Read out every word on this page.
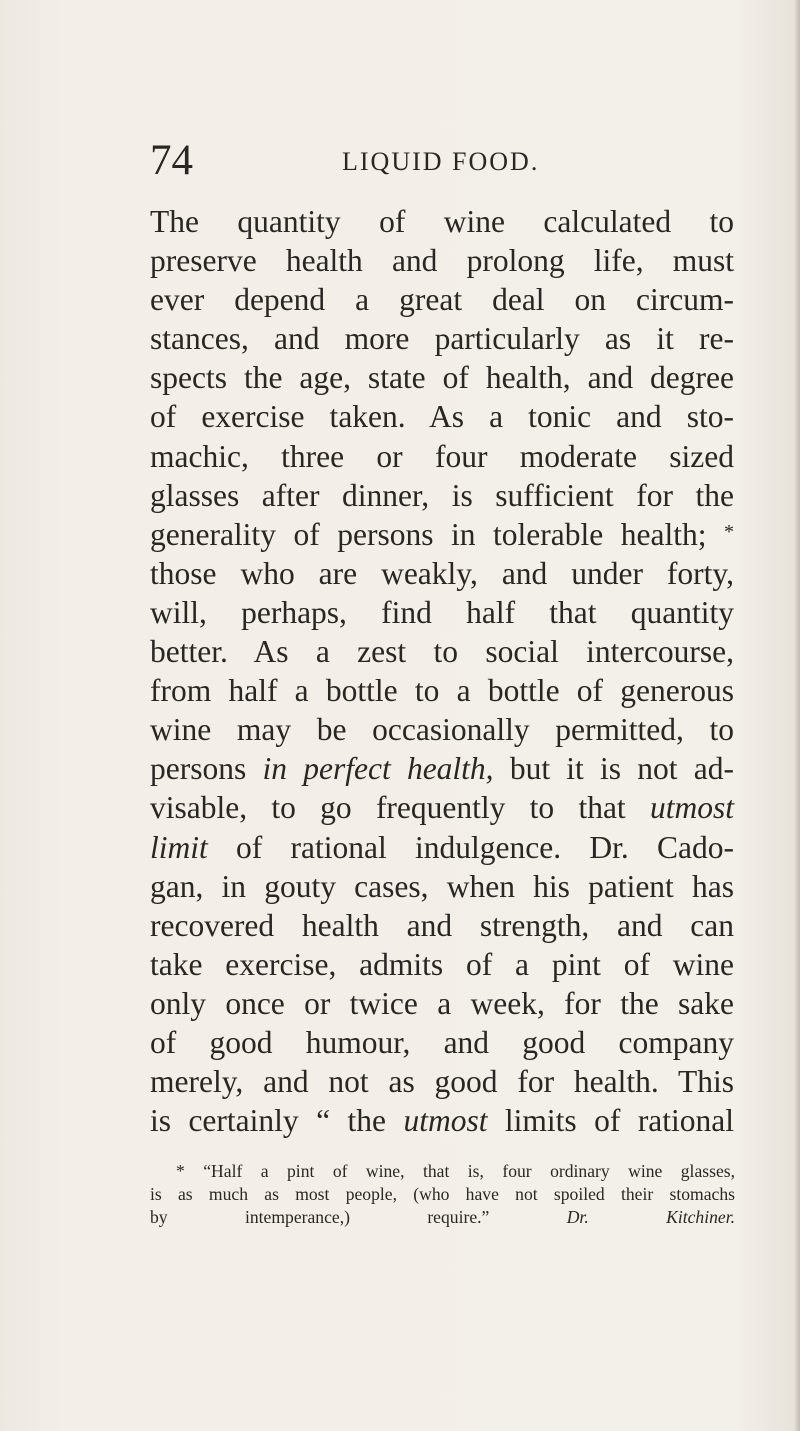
74	LIQUID FOOD.
The quantity of wine calculated to
preserve health and prolong life, must
ever depend a great deal on circum-
stances, and more particularly as it re-
spects the age, state of health, and degree
of exercise taken. As a tonic and sto-
machic, three or four moderate sized
glasses after dinner, is sufficient for the
generality of persons in tolerable health; *
those who are weakly, and under forty,
will, perhaps, find half that quantity
better. As a zest to social intercourse,
from half a bottle to a bottle of generous
wine may be occasionally permitted, to
persons in perfect health, but it is not ad-
visable, to go frequently to that utmost
limit of rational indulgence. Dr. Cado-
gan, in gouty cases, when his patient has
recovered health and strength, and can
take exercise, admits of a pint of wine
only once or twice a week, for the sake
of good humour, and good company
merely, and not as good for health. This
is certainly “ the utmost limits of rational
* “Half a pint of wine, that is, four ordinary wine glasses,
is as much as most people, (who have not spoiled their stomachs
by intemperance,) require.”	Dr. Kitchiner.
